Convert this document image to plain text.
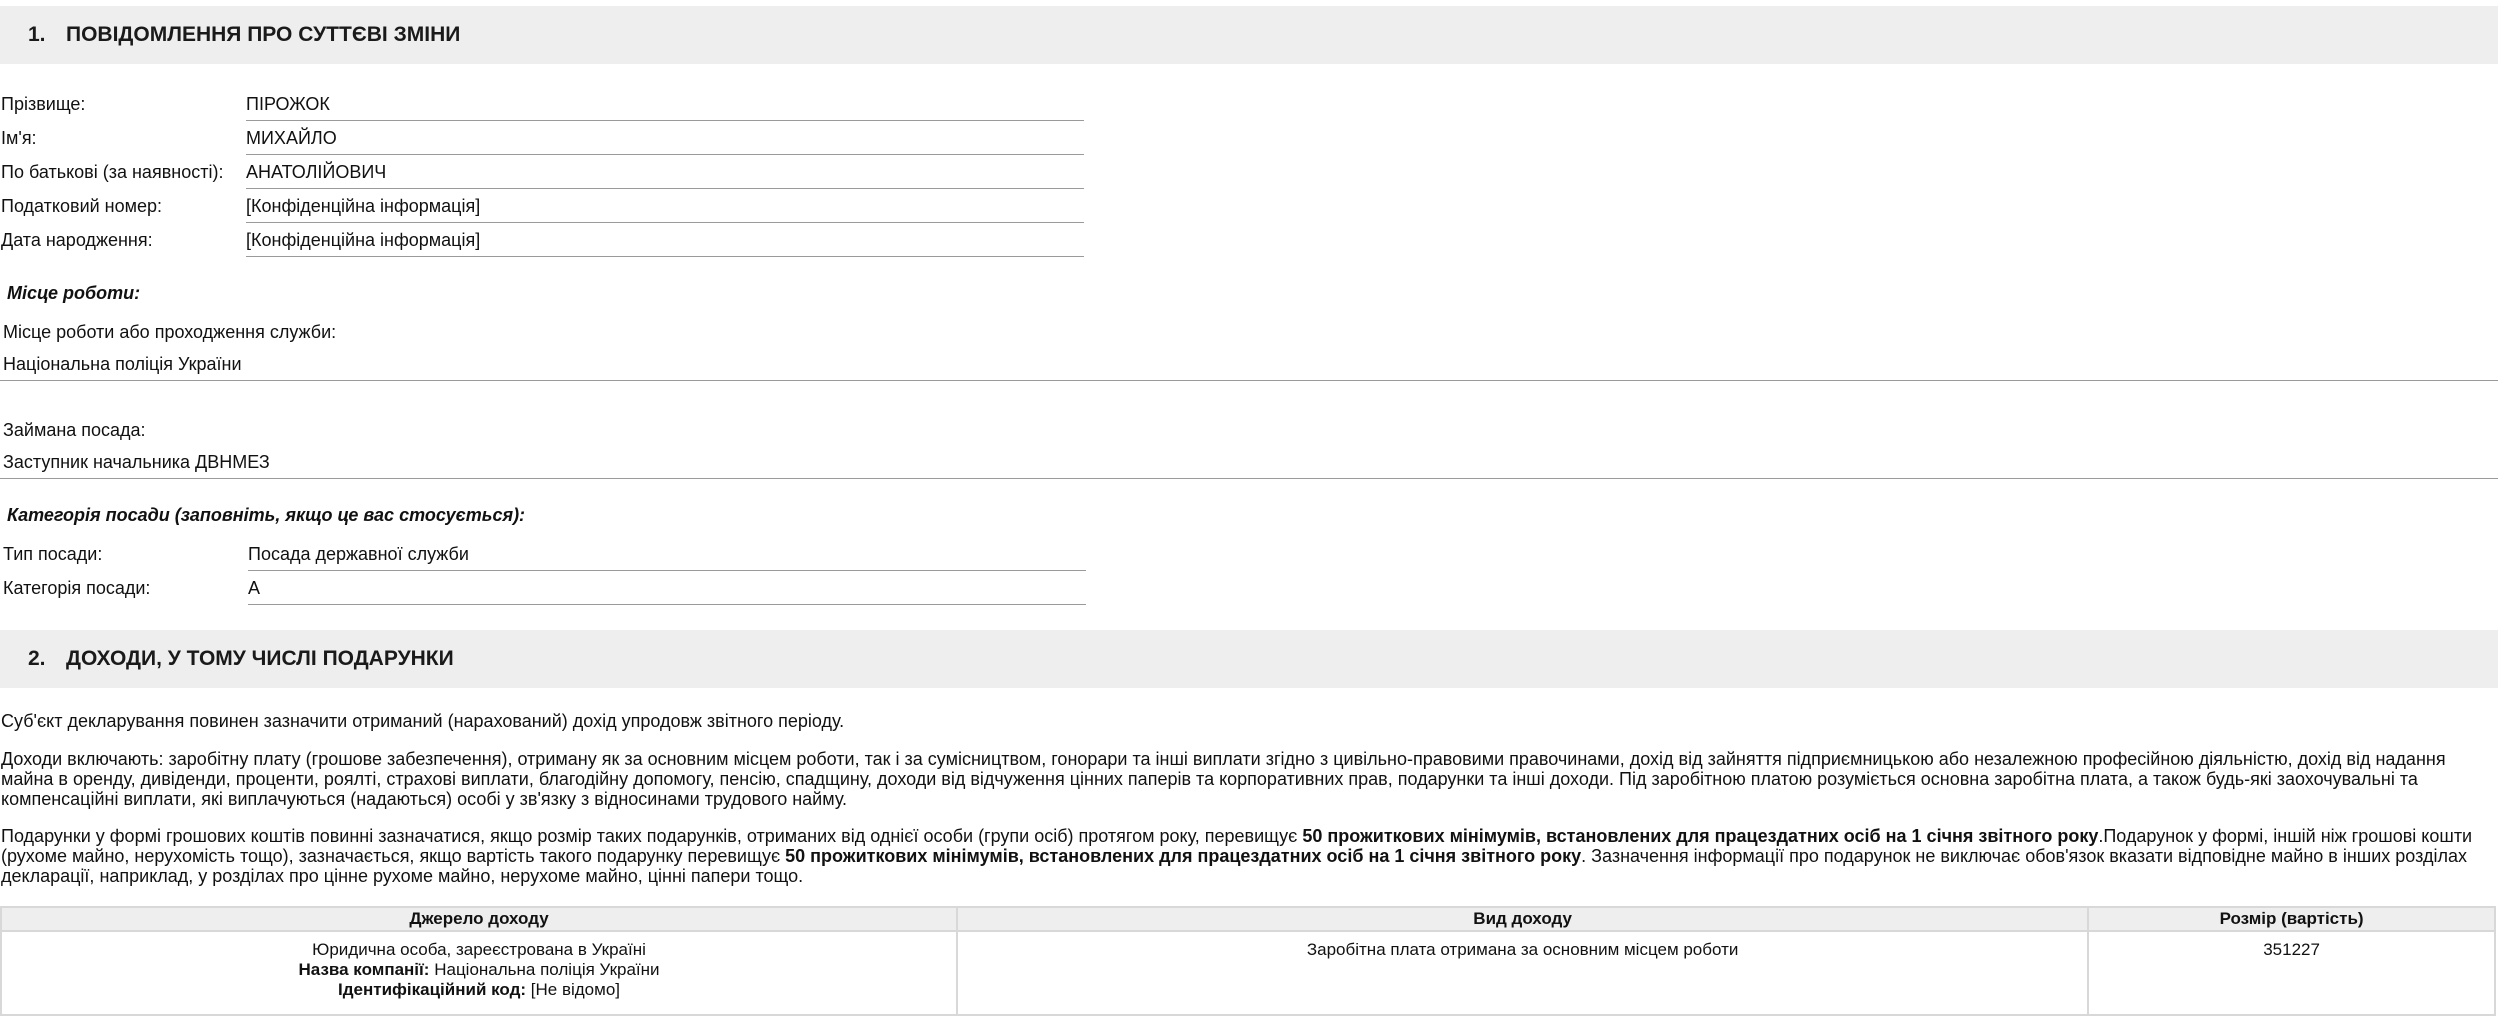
1. ПОВІДОМЛЕННЯ ПРО СУТТЄВІ ЗМІНИ
Прізвище:	ПІРОЖОК
Ім'я:	МИХАЙЛО
По батькові (за наявності): АНАТОЛІЙОВИЧ
Податковий номер:	[Конфіденційна інформація]
Дата народження:	[Конфіденційна інформація]
Місце роботи:
Місце роботи або проходження служби:
Національна поліція України
Займана посада:
Заступник начальника ДВНМЕЗ
Категорія посади (заповніть, якщо це вас стосується):
Тип посади:	Посада державної служби
Категорія посади:	А
2. ДОХОДИ, У ТОМУ ЧИСЛІ ПОДАРУНКИ
Суб'єкт декларування повинен зазначити отриманий (нарахований) дохід упродовж звітного періоду.
Доходи включають: заробітну плату (грошове забезпечення), отриману як за основним місцем роботи, так і за сумісництвом, гонорари та інші виплати згідно з цивільно-правовими правочинами, дохід від зайняття підприємницькою або незалежною професійною діяльністю, дохід від надання майна в оренду, дивіденди, проценти, роялті, страхові виплати, благодійну допомогу, пенсію, спадщину, доходи від відчуження цінних паперів та корпоративних прав, подарунки та інші доходи. Під заробітною платою розуміється основна заробітна плата, а також будь-які заохочувальні та компенсаційні виплати, які виплачуються (надаються) особі у зв'язку з відносинами трудового найму.
Подарунки у формі грошових коштів повинні зазначатися, якщо розмір таких подарунків, отриманих від однієї особи (групи осіб) протягом року, перевищує 50 прожиткових мінімумів, встановлених для працездатних осіб на 1 січня звітного року.Подарунок у формі, іншій ніж грошові кошти (рухоме майно, нерухомість тощо), зазначається, якщо вартість такого подарунку перевищує 50 прожиткових мінімумів, встановлених для працездатних осіб на 1 січня звітного року. Зазначення інформації про подарунок не виключає обов'язок вказати відповідне майно в інших розділах декларації, наприклад, у розділах про цінне рухоме майно, нерухоме майно, цінні папери тощо.
Джерело доходу	Вид доходу	Розмір (вартість)

Юридична особа, зареєстрована в Україні
Назва компанії: Національна поліція України
Ідентифікаційний код: [Не відомо]	Заробітна плата отримана за основним місцем роботи	351227
